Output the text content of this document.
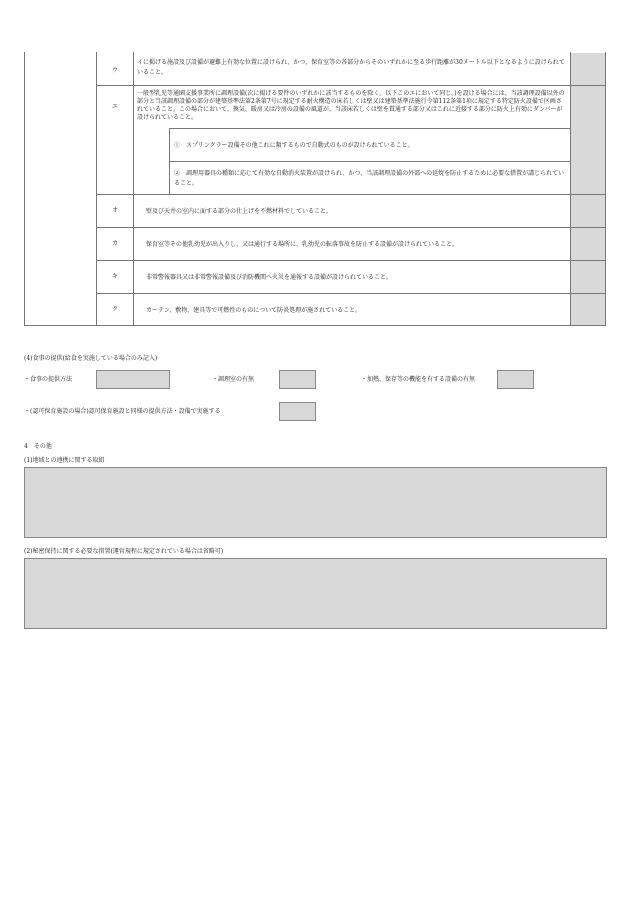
ウ
エ
オ
カ
キ
ク
イに掲げる施設及び設備が避難上有効な位置に設けられ、かつ、保育室等の各部分からそのいずれかに至る歩行距離が30メートル以下となるように設けられていること。
一般型乳児等通園支援事業所に調理設備(次に掲げる要件のいずれかに該当するものを除く。以下このエにおいて同じ。)を設ける場合には、当該調理設備以外の部分と当該調理設備の部分が建築基準法第2条第7号に規定する耐火構造の床若しくは壁又は建築基準法施行令第112条第1項に規定する特定防火設備で区画されていること。この場合において、換気、暖房又は冷房の設備の風道が、当該床若しくは壁を貫通する部分又はこれに近接する部分に防火上有効にダンパーが設けられていること。
①　スプリンクラー設備その他これに類するもので自動式のものが設けられていること。
②　調理用器具の種類に応じて有効な自動消火装置が設けられ、かつ、当該調理設備の外部への延焼を防止するために必要な措置が講じられていること。
壁及び天井の室内に面する部分の仕上げを不燃材料でしていること。
保育室等その他乳幼児が出入りし、又は通行する場所に、乳幼児の転落事故を防止する設備が設けられていること。
非常警報器具又は非常警報設備及び消防機関へ火災を通報する設備が設けられていること。
カーテン、敷物、建具等で可燃性のものについて防炎処理が施されていること。
(4)食事の提供(給食を実施している場合のみ記入)
・食事の提供方法	・調理室の有無	・加熱、保存等の機能を有する設備の有無
・(認可保育施設の場合)認可保育施設と同様の提供方法・設備で実施する
4　その他
(1)地域との連携に関する取組
(2)秘密保持に関する必要な措置(運営規程に規定されている場合は省略可)
